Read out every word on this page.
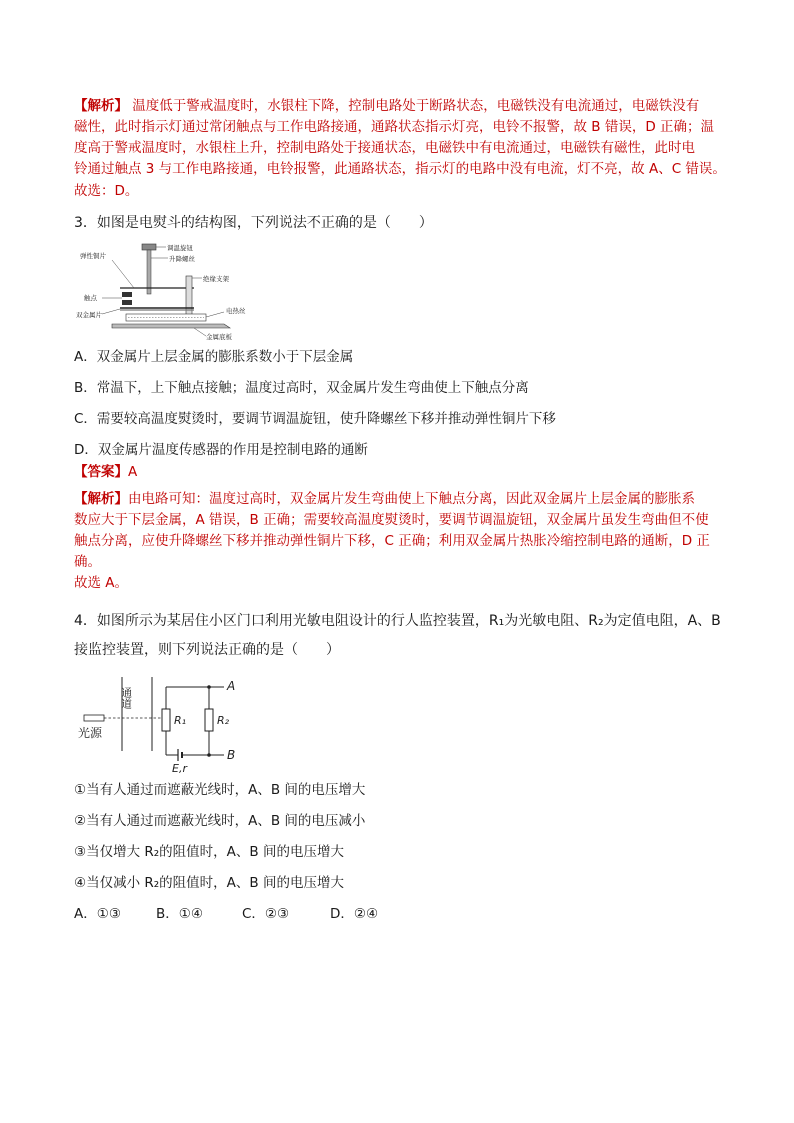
【解析】 温度低于警戒温度时，水银柱下降，控制电路处于断路状态，电磁铁没有电流通过，电磁铁没有
磁性，此时指示灯通过常闭触点与工作电路接通，通路状态指示灯亮，电铃不报警，故 B 错误，D 正确；温
度高于警戒温度时，水银柱上升，控制电路处于接通状态，电磁铁中有电流通过，电磁铁有磁性，此时电
铃通过触点 3 与工作电路接通，电铃报警，此通路状态，指示灯的电路中没有电流，灯不亮，故 A、C 错误。
故选：D。
3．如图是电熨斗的结构图，下列说法不正确的是（　　）
调温旋钮
升降螺丝
绝缘支架
弹性铜片
触点
双金属片	电热丝
金属底板
A．双金属片上层金属的膨胀系数小于下层金属
B．常温下，上下触点接触；温度过高时，双金属片发生弯曲使上下触点分离
C．需要较高温度熨烫时，要调节调温旋钮，使升降螺丝下移并推动弹性铜片下移
D．双金属片温度传感器的作用是控制电路的通断
【答案】A
【解析】由电路可知：温度过高时，双金属片发生弯曲使上下触点分离，因此双金属片上层金属的膨胀系
数应大于下层金属，A 错误，B 正确；需要较高温度熨烫时，要调节调温旋钮，双金属片虽发生弯曲但不使
触点分离，应使升降螺丝下移并推动弹性铜片下移，C 正确；利用双金属片热胀冷缩控制电路的通断，D 正
确。
故选 A。
4．如图所示为某居住小区门口利用光敏电阻设计的行人监控装置，R₁为光敏电阻、R₂为定值电阻，A、B
接监控装置，则下列说法正确的是（　　）
通道
光源
R₁	R₂
A
B
E,r
①当有人通过而遮蔽光线时，A、B 间的电压增大
②当有人通过而遮蔽光线时，A、B 间的电压减小
③当仅增大 R₂的阻值时，A、B 间的电压增大
④当仅减小 R₂的阻值时，A、B 间的电压增大
A．①③	B．①④	C．②③	D．②④
